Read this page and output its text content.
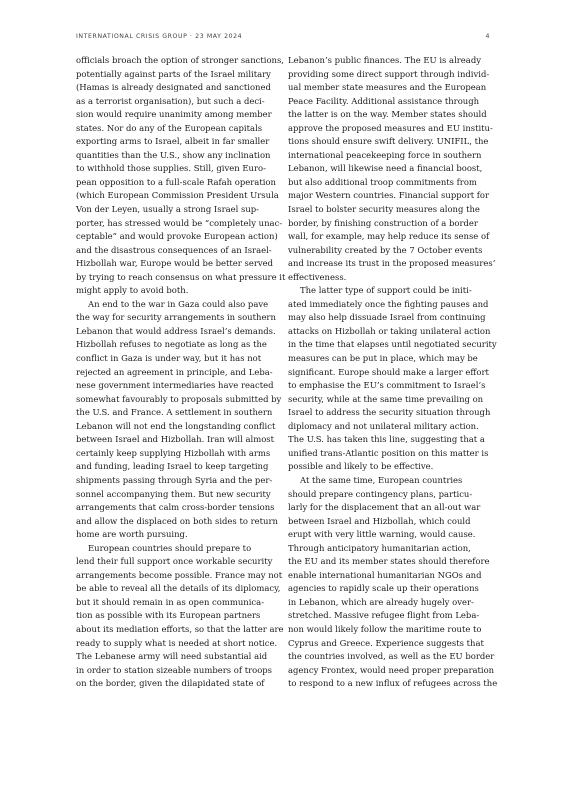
INTERNATIONAL CRISIS GROUP · 23 MAY 2024	4
officials broach the option of stronger sanctions,
potentially against parts of the Israel military
(Hamas is already designated and sanctioned
as a terrorist organisation), but such a deci-
sion would require unanimity among member
states. Nor do any of the European capitals
exporting arms to Israel, albeit in far smaller
quantities than the U.S., show any inclination
to withhold those supplies. Still, given Euro-
pean opposition to a full-scale Rafah operation
(which European Commission President Ursula
Von der Leyen, usually a strong Israel sup-
porter, has stressed would be “completely unac-
ceptable” and would provoke European action)
and the disastrous consequences of an Israel-
Hizbollah war, Europe would be better served
by trying to reach consensus on what pressure it
might apply to avoid both.
An end to the war in Gaza could also pave
the way for security arrangements in southern
Lebanon that would address Israel’s demands.
Hizbollah refuses to negotiate as long as the
conflict in Gaza is under way, but it has not
rejected an agreement in principle, and Leba-
nese government intermediaries have reacted
somewhat favourably to proposals submitted by
the U.S. and France. A settlement in southern
Lebanon will not end the longstanding conflict
between Israel and Hizbollah. Iran will almost
certainly keep supplying Hizbollah with arms
and funding, leading Israel to keep targeting
shipments passing through Syria and the per-
sonnel accompanying them. But new security
arrangements that calm cross-border tensions
and allow the displaced on both sides to return
home are worth pursuing.
European countries should prepare to
lend their full support once workable security
arrangements become possible. France may not
be able to reveal all the details of its diplomacy,
but it should remain in as open communica-
tion as possible with its European partners
about its mediation efforts, so that the latter are
ready to supply what is needed at short notice.
The Lebanese army will need substantial aid
in order to station sizeable numbers of troops
on the border, given the dilapidated state of
Lebanon’s public finances. The EU is already
providing some direct support through individ-
ual member state measures and the European
Peace Facility. Additional assistance through
the latter is on the way. Member states should
approve the proposed measures and EU institu-
tions should ensure swift delivery. UNIFIL, the
international peacekeeping force in southern
Lebanon, will likewise need a financial boost,
but also additional troop commitments from
major Western countries. Financial support for
Israel to bolster security measures along the
border, by finishing construction of a border
wall, for example, may help reduce its sense of
vulnerability created by the 7 October events
and increase its trust in the proposed measures’
effectiveness.
The latter type of support could be initi-
ated immediately once the fighting pauses and
may also help dissuade Israel from continuing
attacks on Hizbollah or taking unilateral action
in the time that elapses until negotiated security
measures can be put in place, which may be
significant. Europe should make a larger effort
to emphasise the EU’s commitment to Israel’s
security, while at the same time prevailing on
Israel to address the security situation through
diplomacy and not unilateral military action.
The U.S. has taken this line, suggesting that a
unified trans-Atlantic position on this matter is
possible and likely to be effective.
At the same time, European countries
should prepare contingency plans, particu-
larly for the displacement that an all-out war
between Israel and Hizbollah, which could
erupt with very little warning, would cause.
Through anticipatory humanitarian action,
the EU and its member states should therefore
enable international humanitarian NGOs and
agencies to rapidly scale up their operations
in Lebanon, which are already hugely over-
stretched. Massive refugee flight from Leba-
non would likely follow the maritime route to
Cyprus and Greece. Experience suggests that
the countries involved, as well as the EU border
agency Frontex, would need proper preparation
to respond to a new influx of refugees across the
